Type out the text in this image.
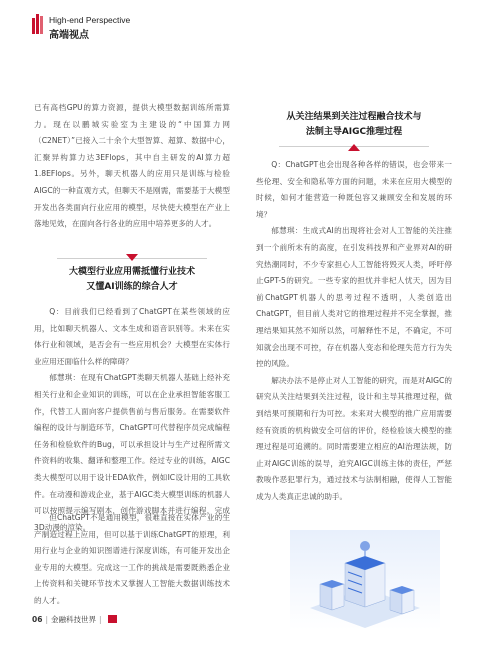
High-end Perspective
高端视点

已有高档GPU的算力资源，提供大模型数据训练所需算力。现在以鹏城实验室为主建设的“中国算力网（C2NET）”已接入二十余个大型智算、超算、数据中心，汇聚异构算力达3EFlops，其中自主研发的AI算力超1.8EFlops。另外，聊天机器人的应用只是训练与检验AIGC的一种直观方式，但聊天不是刚需，需要基于大模型开发出各类面向行业应用的模型，尽快使大模型在产业上落地见效，在面向各行各业的应用中培养更多的人才。

大模型行业应用需抵懂行业技术
又懂AI训练的综合人才

Q：目前我们已经看到了ChatGPT在某些领域的应用，比如聊天机器人、文本生成和语音识别等。未来在实体行业和领域，是否会有一些应用机会？大模型在实体行业应用还面临什么样的障碍？

郁慧琪：在现有ChatGPT类聊天机器人基础上经补充相关行业和企业知识的训练，可以在企业承担智能客服工作，代替工人面向客户提供售前与售后服务。在需要软件编程的设计与制造环节，ChatGPT可代替程序员完成编程任务和检验软件的Bug，可以承担设计与生产过程所需文件资料的收集、翻译和整理工作。经过专业的训练，AIGC类大模型可以用于设计EDA软件，例如IC设计用的工具软件。在动漫和游戏企业，基于AIGC类大模型训练的机器人可以按照提示编写剧本，创作游戏脚本并进行编程，完成3D动漫的渲染。

但ChatGPT不是通用模型，很难直接在实体产业的生产制造过程上应用，但可以基于训练ChatGPT的原理，利用行业与企业的知识图谱进行深度训练，有可能开发出企业专用的大模型。完成这一工作的挑战是需要既熟悉企业上传资料和关键环节技术又掌握人工智能大数据训练技术的人才。

从关注结果到关注过程融合技术与
法制主导AIGC推理过程

Q：ChatGPT也会出现各种各样的错误，也会带来一些伦理、安全和隐私等方面的问题，未来在应用大模型的时候，如何才能营造一种既包容又兼顾安全和发展的环境？

郁慧琪：生成式AI的出现将社会对人工智能的关注推到一个前所未有的高度，在引发科技界和产业界对AI的研究热潮同时，不少专家担心人工智能将毁灭人类，呼吁停止GPT-5的研究。一些专家的担忧并非杞人忧天，因为目前ChatGPT机器人的思考过程不透明，人类创造出ChatGPT，但目前人类对它的推理过程并不完全掌握，推理结果知其然不知所以然，可解释性不足，不确定，不可知就会出现不可控，存在机器人变态和伦理失范方行为失控的风险。

解决办法不是停止对人工智能的研究，而是对AIGC的研究从关注结果到关注过程，设计和主导其推理过程，做到结果可预期和行为可控。未来对大模型的推广应用需要经有资质的机构做安全可信的评价，经检验该大模型的推理过程是可追溯的。同时需要建立相应的AI治理法规，防止对AIGC训练的误导，迫究AIGC训练主体的责任，严惩教唆作恶犯罪行为，通过技术与法制相融，使得人工智能成为人类真正忠诚的助手。

06 | 金融科技世界 |
